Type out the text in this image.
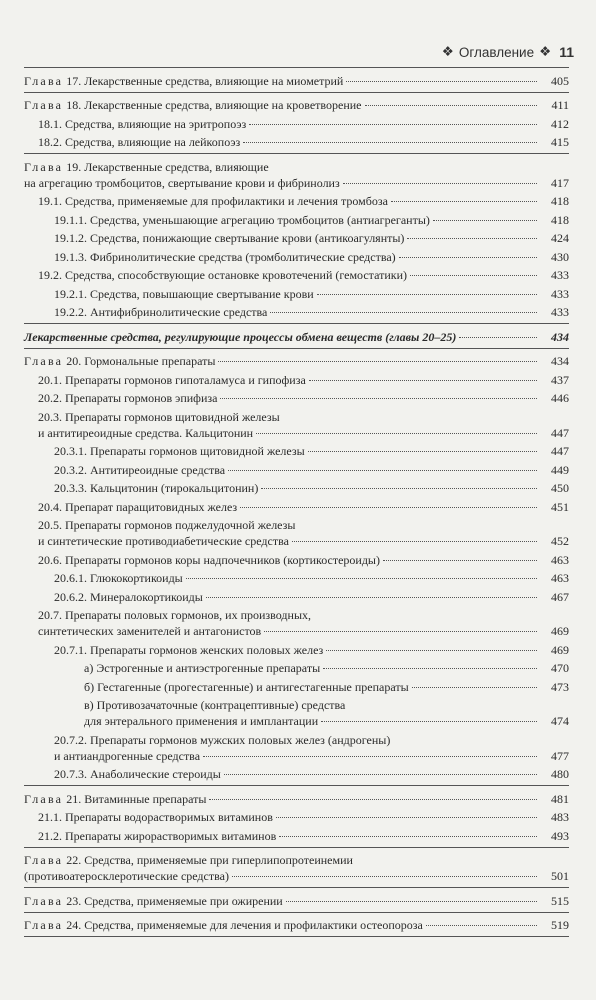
❖ Оглавление ❖ 11
Глава 17. Лекарственные средства, влияющие на миометрий	405
Глава 18. Лекарственные средства, влияющие на кроветворение	411
18.1. Средства, влияющие на эритропоэз	412
18.2. Средства, влияющие на лейкопоэз	415
Глава 19. Лекарственные средства, влияющие
на агрегацию тромбоцитов, свертывание крови и фибринолиз	417
19.1. Средства, применяемые для профилактики и лечения тромбоза	418
19.1.1. Средства, уменьшающие агрегацию тромбоцитов (антиагреганты)	418
19.1.2. Средства, понижающие свертывание крови (антикоагулянты)	424
19.1.3. Фибринолитические средства (тромболитические средства)	430
19.2. Средства, способствующие остановке кровотечений (гемостатики)	433
19.2.1. Средства, повышающие свертывание крови	433
19.2.2. Антифибринолитические средства	433
Лекарственные средства, регулирующие процессы обмена веществ (главы 20–25)	434
Глава 20. Гормональные препараты	434
20.1. Препараты гормонов гипоталамуса и гипофиза	437
20.2. Препараты гормонов эпифиза	446
20.3. Препараты гормонов щитовидной железы
и антитиреоидные средства. Кальцитонин	447
20.3.1. Препараты гормонов щитовидной железы	447
20.3.2. Антитиреоидные средства	449
20.3.3. Кальцитонин (тирокальцитонин)	450
20.4. Препарат паращитовидных желез	451
20.5. Препараты гормонов поджелудочной железы
и синтетические противодиабетические средства	452
20.6. Препараты гормонов коры надпочечников (кортикостероиды)	463
20.6.1. Глюкокортикоиды	463
20.6.2. Минералокортикоиды	467
20.7. Препараты половых гормонов, их производных,
синтетических заменителей и антагонистов	469
20.7.1. Препараты гормонов женских половых желез	469
а) Эстрогенные и антиэстрогенные препараты	470
б) Гестагенные (прогестагенные) и антигестагенные препараты	473
в) Противозачаточные (контрацептивные) средства
для энтерального применения и имплантации	474
20.7.2. Препараты гормонов мужских половых желез (андрогены)
и антиандрогенные средства	477
20.7.3. Анаболические стероиды	480
Глава 21. Витаминные препараты	481
21.1. Препараты водорастворимых витаминов	483
21.2. Препараты жирорастворимых витаминов	493
Глава 22. Средства, применяемые при гиперлипопротеинемии
(противоатеросклеротические средства)	501
Глава 23. Средства, применяемые при ожирении	515
Глава 24. Средства, применяемые для лечения и профилактики остеопороза	519
